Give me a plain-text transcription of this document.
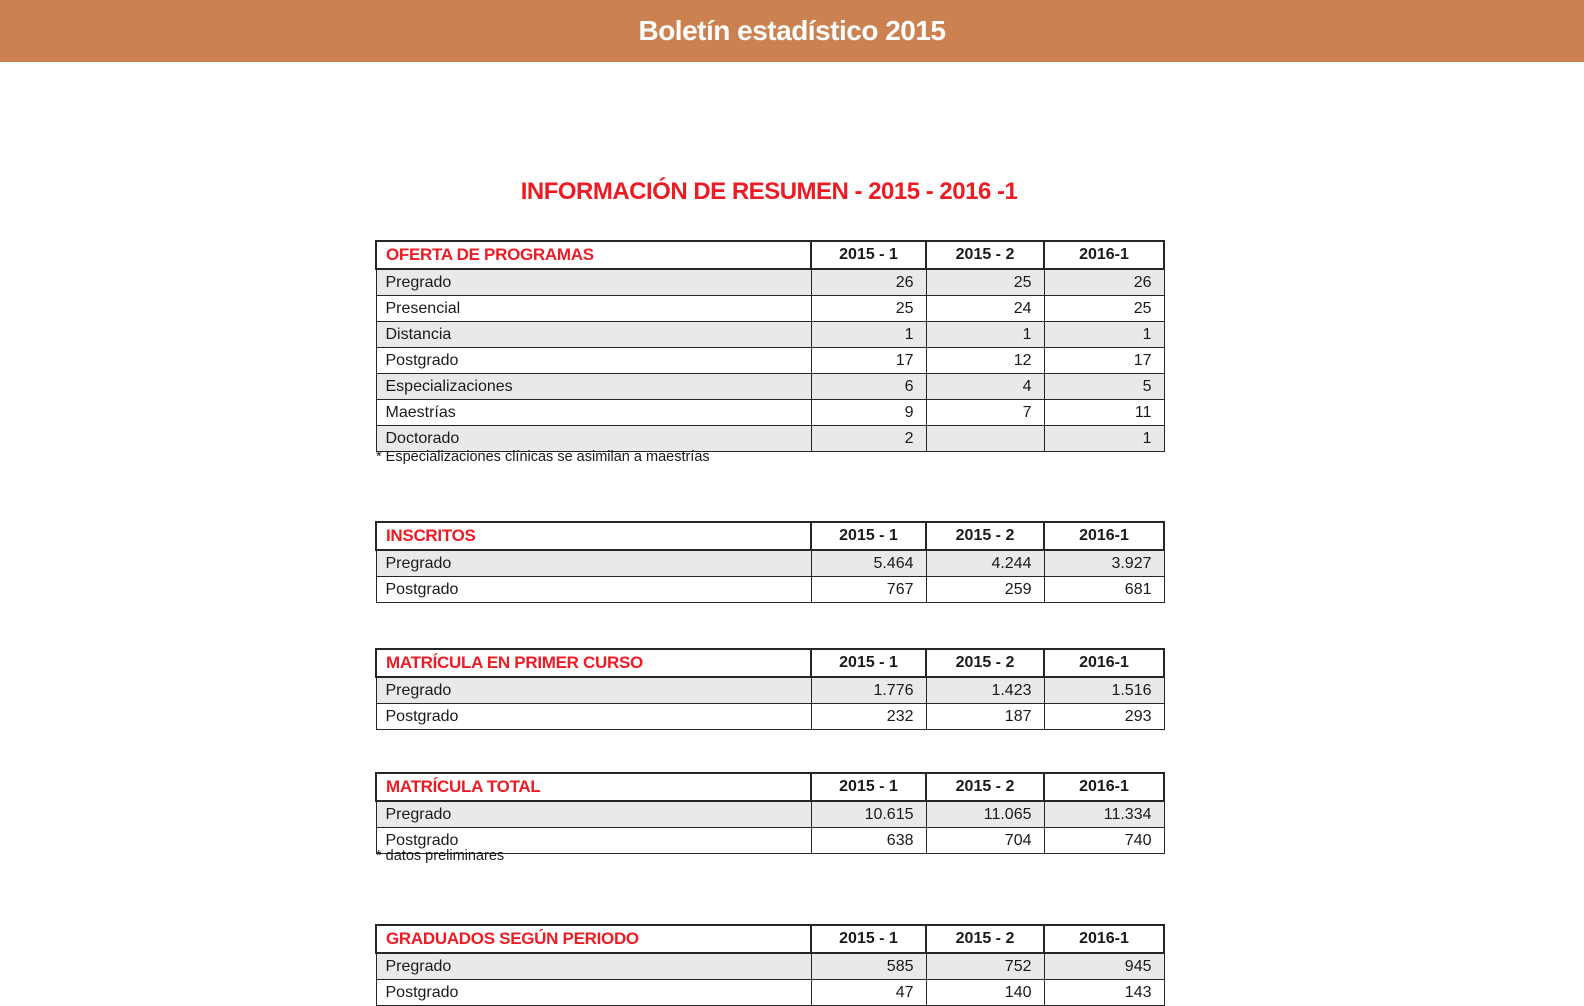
Boletín estadístico 2015
INFORMACIÓN DE RESUMEN - 2015 - 2016 -1
OFERTA DE PROGRAMAS	2015 - 1	2015 - 2	2016-1
Pregrado	26	25	26
Presencial	25	24	25
Distancia	1	1	1
Postgrado	17	12	17
Especializaciones	6	4	5
Maestrías	9	7	11
Doctorado	2		1
* Especializaciones clínicas se asimilan a maestrías
INSCRITOS	2015 - 1	2015 - 2	2016-1
Pregrado	5.464	4.244	3.927
Postgrado	767	259	681
MATRÍCULA EN PRIMER CURSO	2015 - 1	2015 - 2	2016-1
Pregrado	1.776	1.423	1.516
Postgrado	232	187	293
MATRÍCULA TOTAL	2015 - 1	2015 - 2	2016-1
Pregrado	10.615	11.065	11.334
Postgrado	638	704	740
* datos preliminares
GRADUADOS SEGÚN PERIODO	2015 - 1	2015 - 2	2016-1
Pregrado	585	752	945
Postgrado	47	140	143
